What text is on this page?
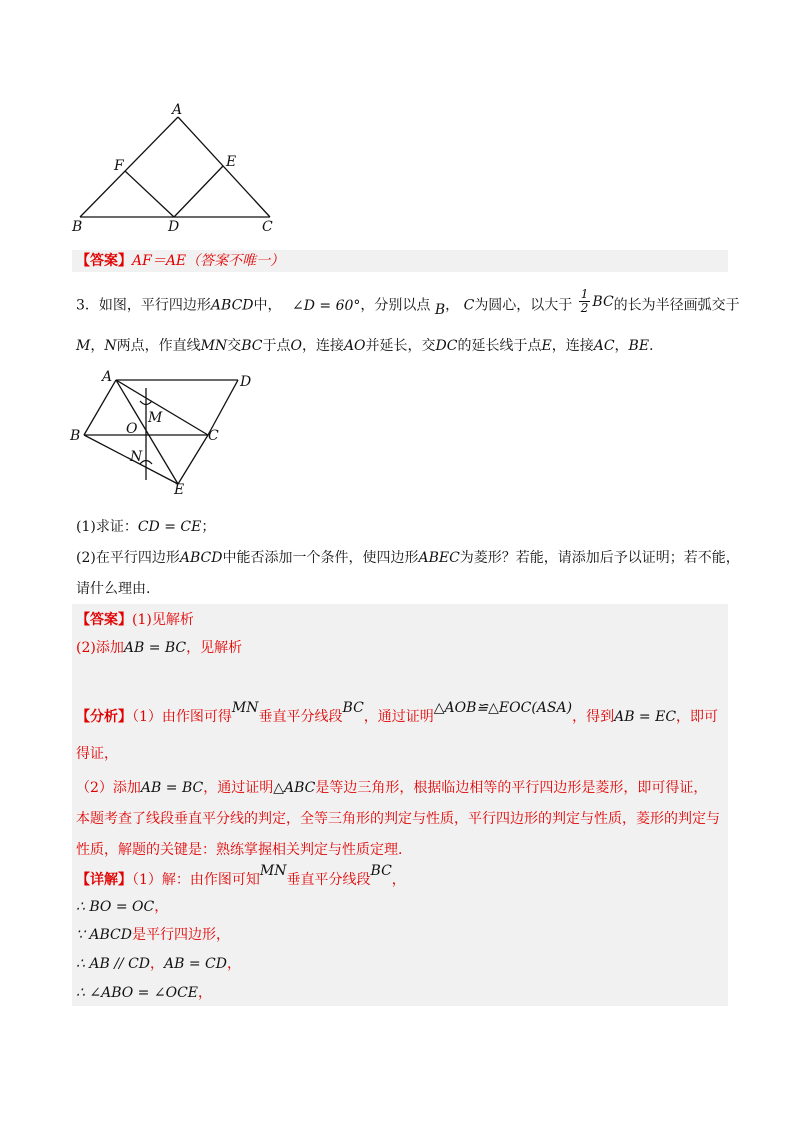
A
F	E
B	D	C
【答案】AF＝AE（答案不唯一）
3．如图，平行四边形ABCD中， ∠D = 60°，分别以点 B， C为圆心，以大于 $\frac{1}{2}$ BC的长为半径画弧交于
M，N两点，作直线MN交BC于点O，连接AO并延长，交DC的延长线于点E，连接AC，BE.
A	D
M
O
B	C
N
E
(1)求证：CD = CE；
(2)在平行四边形ABCD中能否添加一个条件，使四边形ABEC为菱形？若能，请添加后予以证明；若不能，
请什么理由.
【答案】(1)见解析
(2)添加AB = BC，见解析
【分析】（1）由作图可得MN垂直平分线段BC，通过证明△AOB≌△EOC(ASA)，得到AB = EC，即可
得证，
（2）添加AB = BC，通过证明△ABC是等边三角形，根据临边相等的平行四边形是菱形，即可得证，
本题考查了线段垂直平分线的判定，全等三角形的判定与性质，平行四边形的判定与性质，菱形的判定与
性质，解题的关键是：熟练掌握相关判定与性质定理.
【详解】（1）解：由作图可知MN垂直平分线段BC，
∴ BO = OC，
∵ ABCD是平行四边形，
∴ AB // CD，AB = CD，
∴ ∠ABO = ∠OCE，
